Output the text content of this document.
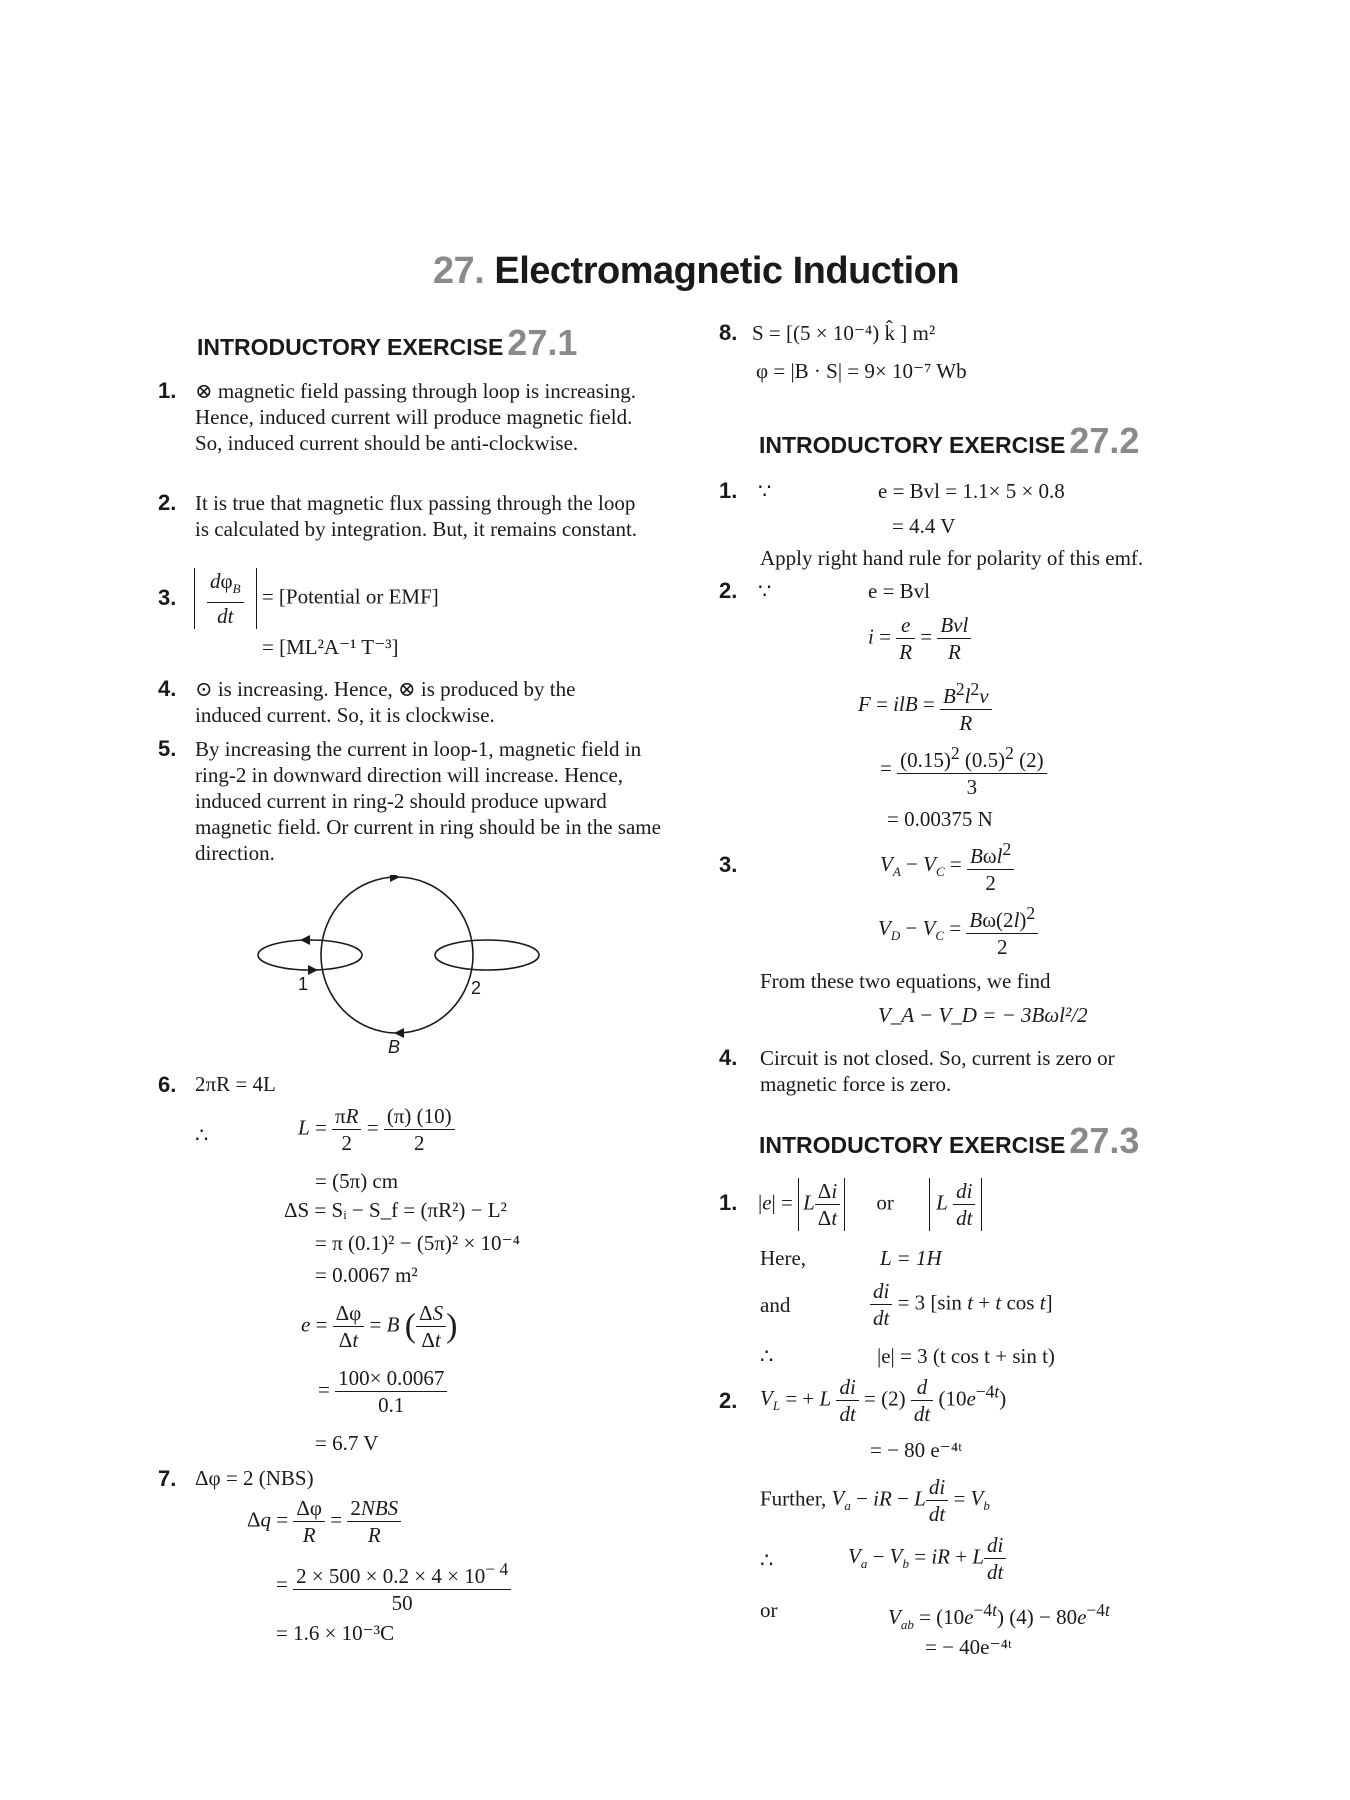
27. Electromagnetic Induction
INTRODUCTORY EXERCISE 27.1
1. ⊗ magnetic field passing through loop is increasing. Hence, induced current will produce magnetic field. So, induced current should be anti-clockwise.
2. It is true that magnetic flux passing through the loop is calculated by integration. But, it remains constant.
3. $\frac{d\varphi_B}{dt}$ = [Potential or EMF]
= [ML²A⁻¹ T⁻³]
4. ⊙ is increasing. Hence, ⊗ is produced by the induced current. So, it is clockwise.
5. By increasing the current in loop-1, magnetic field in ring-2 in downward direction will increase. Hence, induced current in ring-2 should produce upward magnetic field. Or current in ring should be in the same direction.
1	2
B
6. 2πR = 4L
∴	$L = \frac{\pi R}{2} = \frac{(\pi) (10)}{2}$
= (5π) cm
ΔS = Sᵢ − S_f = (πR²) − L²
= π (0.1)² − (5π)² × 10⁻⁴
= 0.0067 m²
$e = \frac{\Delta\varphi}{\Delta t} = B$ ( $\frac{\Delta S}{\Delta t}$ )
= $\frac{100\times 0.0067}{0.1}$
= 6.7 V
7. Δφ = 2 (NBS)
$\Delta q = \frac{\Delta\varphi}{R} = \frac{\text{2NBS}}{R}$
= $\frac{2 \times 500 \times 0.2 \times 4 \times 10^{- 4}}{50}$
= 1.6 × 10⁻³C
8. S = [(5 × 10⁻⁴) k̂ ] m²
φ = |B · S| = 9× 10⁻⁷ Wb
INTRODUCTORY EXERCISE 27.2
1. ∵	e = Bvl = 1.1× 5 × 0.8
= 4.4 V
Apply right hand rule for polarity of this emf.
2. ∵	e = Bvl
$i = \frac{e}{R} = \frac{\text{Bvl}}{R}$
F = ilB = $\frac{B^2l^2v}{R}$
= $\frac{(0.15)^2 (0.5)^2 (2)}{3}$
= 0.00375 N
3.	$V_A - V_C = \frac{B\omega l^2}{2}$
$V_D - V_C = \frac{B\omega(2l)^2}{2}$
From these two equations, we find
V_A − V_D = − 3Bωl²/2
4. Circuit is not closed. So, current is zero or magnetic force is zero.
INTRODUCTORY EXERCISE 27.3
1. |e| = L $\frac{\Delta i}{\Delta t}$ or L $\frac{di}{dt}$
Here,	L = 1H
and	$\frac{di}{dt} = 3$ [sin t + t cos t]
∴	|e| = 3 (t cos t + sin t)
2. $V_L$ = + L $\frac{di}{dt} = (2) \frac{d}{dt} (10e^{-4t})$
= − 80 e⁻⁴ᵗ
Further, $V_a$ − iR − L $\frac{di}{dt} = V_b$
∴	$V_a - V_b$ = iR + L $\frac{di}{dt}$
or	$V_{ab} = (10e^{-4t}) (4) - 80e^{-4t}$
= − 40e⁻⁴ᵗ
